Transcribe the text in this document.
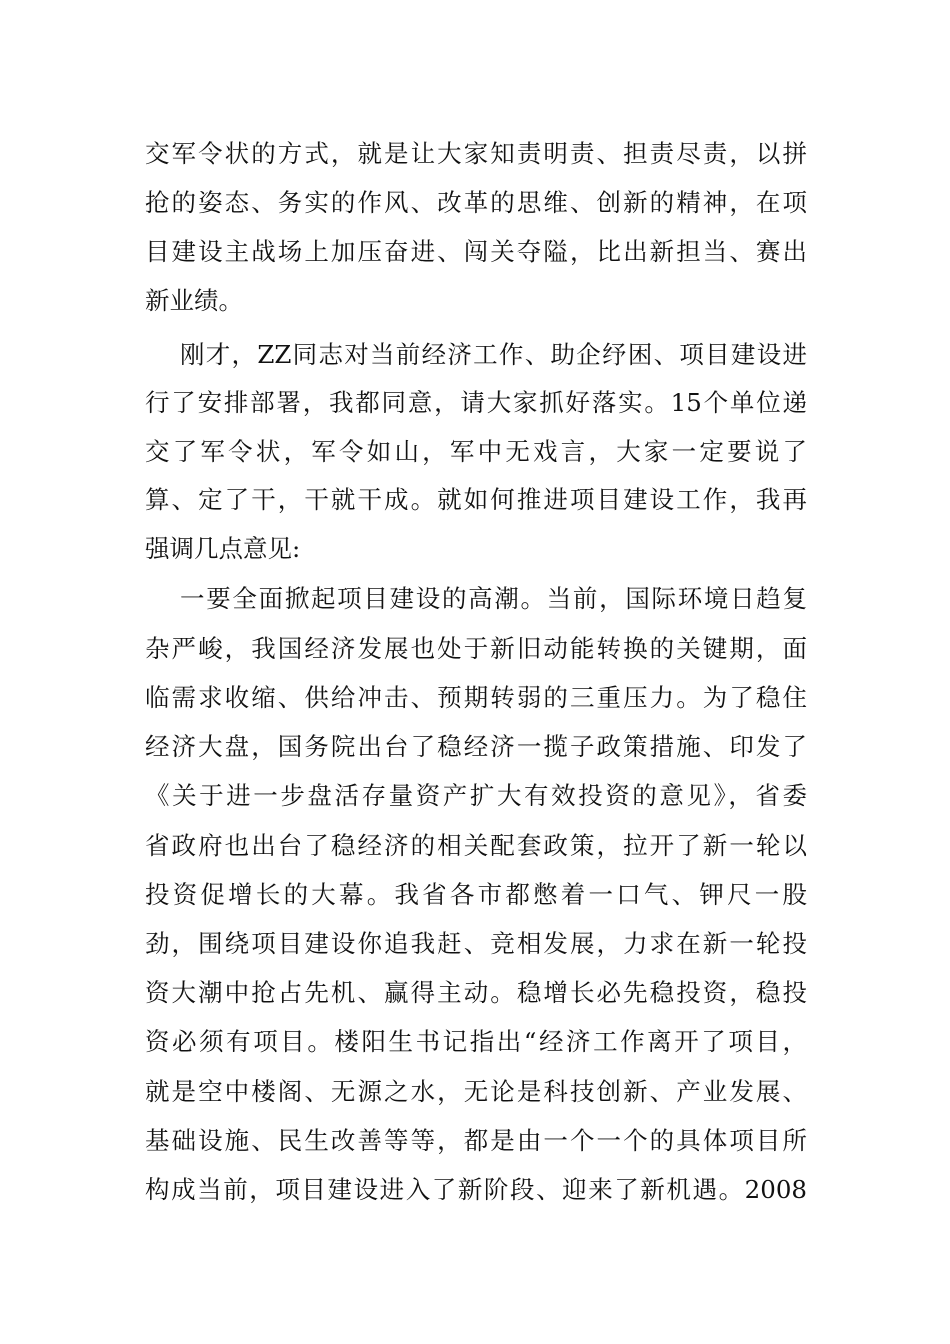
交军令状的方式，就是让大家知责明责、担责尽责，以拼
抢的姿态、务实的作风、改革的思维、创新的精神，在项
目建设主战场上加压奋进、闯关夺隘，比出新担当、赛出
新业绩。
刚才，ZZ同志对当前经济工作、助企纾困、项目建设进
行了安排部署，我都同意，请大家抓好落实。15个单位递
交了军令状，军令如山，军中无戏言，大家一定要说了
算、定了干，干就干成。就如何推进项目建设工作，我再
强调几点意见:
一要全面掀起项目建设的高潮。当前，国际环境日趋复
杂严峻，我国经济发展也处于新旧动能转换的关键期，面
临需求收缩、供给冲击、预期转弱的三重压力。为了稳住
经济大盘，国务院出台了稳经济一揽子政策措施、印发了
《关于进一步盘活存量资产扩大有效投资的意见》，省委
省政府也出台了稳经济的相关配套政策，拉开了新一轮以
投资促增长的大幕。我省各市都憋着一口气、钾尺一股
劲，围绕项目建设你追我赶、竞相发展，力求在新一轮投
资大潮中抢占先机、赢得主动。稳增长必先稳投资，稳投
资必须有项目。楼阳生书记指出“经济工作离开了项目，
就是空中楼阁、无源之水，无论是科技创新、产业发展、
基础设施、民生改善等等，都是由一个一个的具体项目所
构成当前，项目建设进入了新阶段、迎来了新机遇。2008
